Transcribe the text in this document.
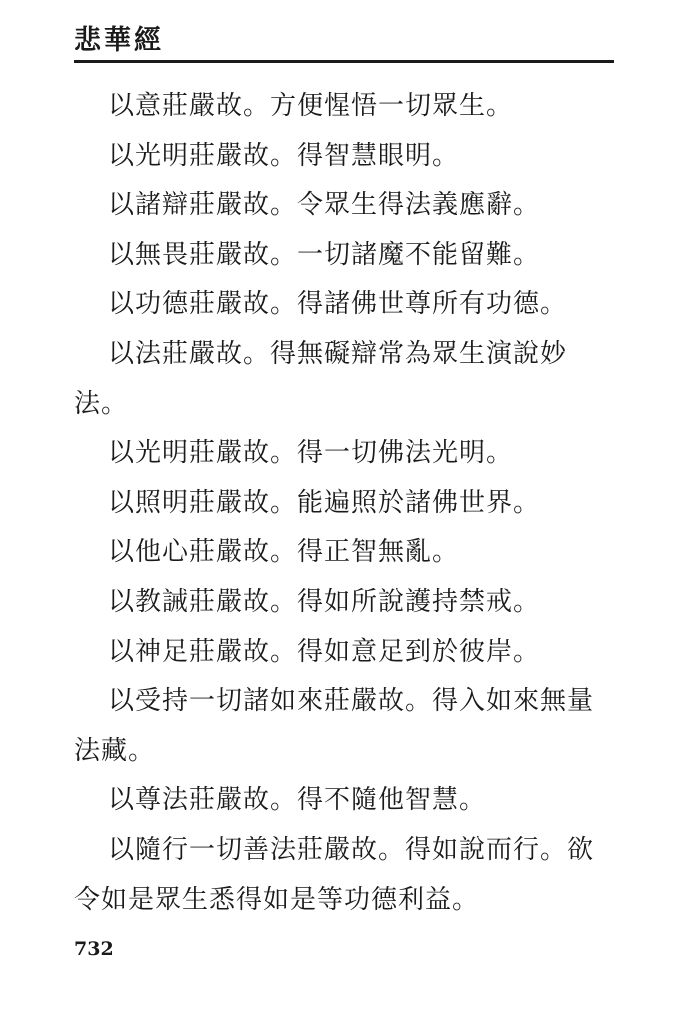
悲華經
以意莊嚴故。方便惺悟一切眾生。
以光明莊嚴故。得智慧眼明。
以諸辯莊嚴故。令眾生得法義應辭。
以無畏莊嚴故。一切諸魔不能留難。
以功德莊嚴故。得諸佛世尊所有功德。
以法莊嚴故。得無礙辯常為眾生演說妙
法。
以光明莊嚴故。得一切佛法光明。
以照明莊嚴故。能遍照於諸佛世界。
以他心莊嚴故。得正智無亂。
以教誡莊嚴故。得如所說護持禁戒。
以神足莊嚴故。得如意足到於彼岸。
以受持一切諸如來莊嚴故。得入如來無量
法藏。
以尊法莊嚴故。得不隨他智慧。
以隨行一切善法莊嚴故。得如說而行。欲
令如是眾生悉得如是等功德利益。
732
